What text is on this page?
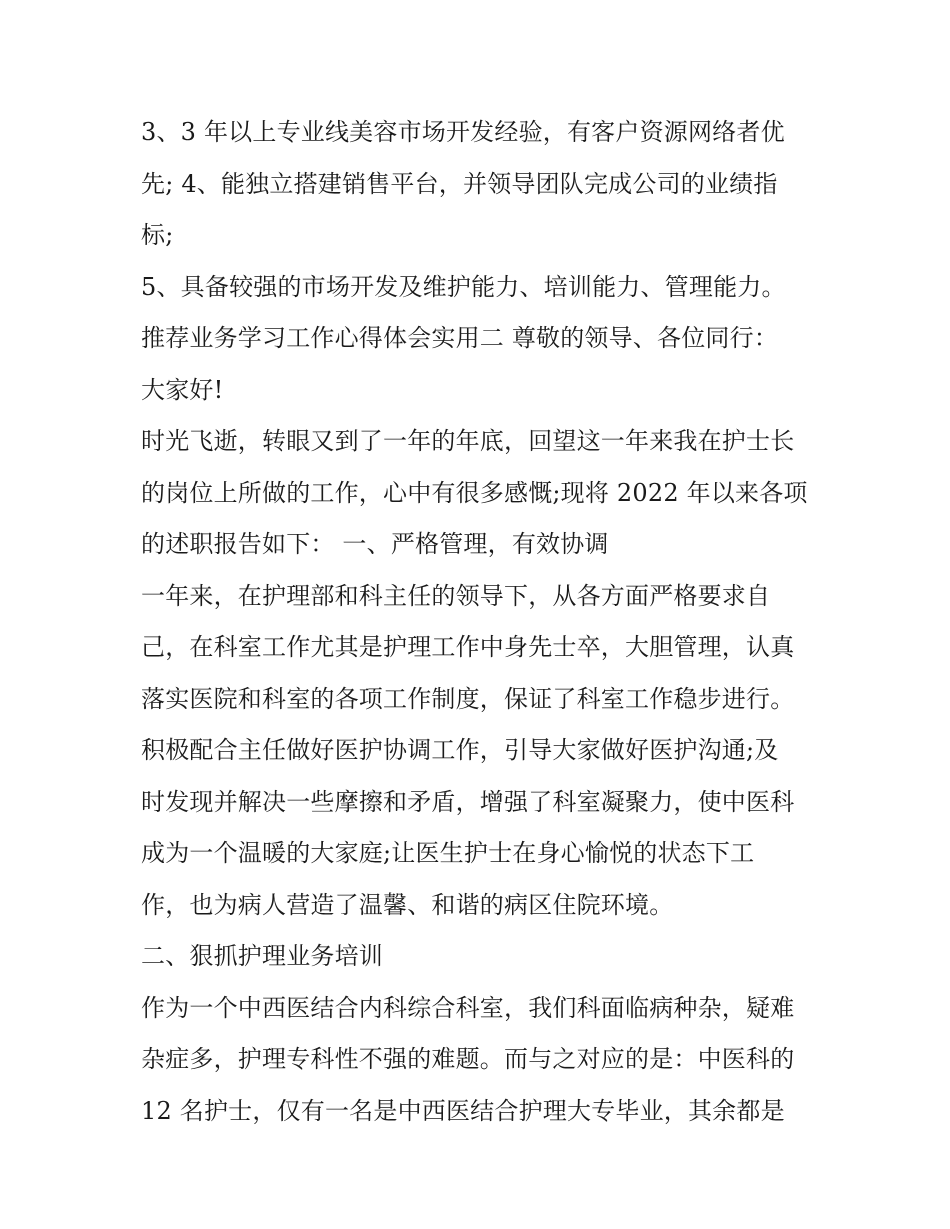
3、3 年以上专业线美容市场开发经验，有客户资源网络者优
先; 4、能独立搭建销售平台，并领导团队完成公司的业绩指
标;
5、具备较强的市场开发及维护能力、培训能力、管理能力。
推荐业务学习工作心得体会实用二 尊敬的领导、各位同行：
大家好!
时光飞逝，转眼又到了一年的年底，回望这一年来我在护士长
的岗位上所做的工作，心中有很多感慨;现将 2022 年以来各项
的述职报告如下： 一、严格管理，有效协调
一年来，在护理部和科主任的领导下，从各方面严格要求自
己，在科室工作尤其是护理工作中身先士卒，大胆管理，认真
落实医院和科室的各项工作制度，保证了科室工作稳步进行。
积极配合主任做好医护协调工作，引导大家做好医护沟通;及
时发现并解决一些摩擦和矛盾，增强了科室凝聚力，使中医科
成为一个温暖的大家庭;让医生护士在身心愉悦的状态下工
作，也为病人营造了温馨、和谐的病区住院环境。
二、狠抓护理业务培训
作为一个中西医结合内科综合科室，我们科面临病种杂，疑难
杂症多，护理专科性不强的难题。而与之对应的是：中医科的
12 名护士，仅有一名是中西医结合护理大专毕业，其余都是
